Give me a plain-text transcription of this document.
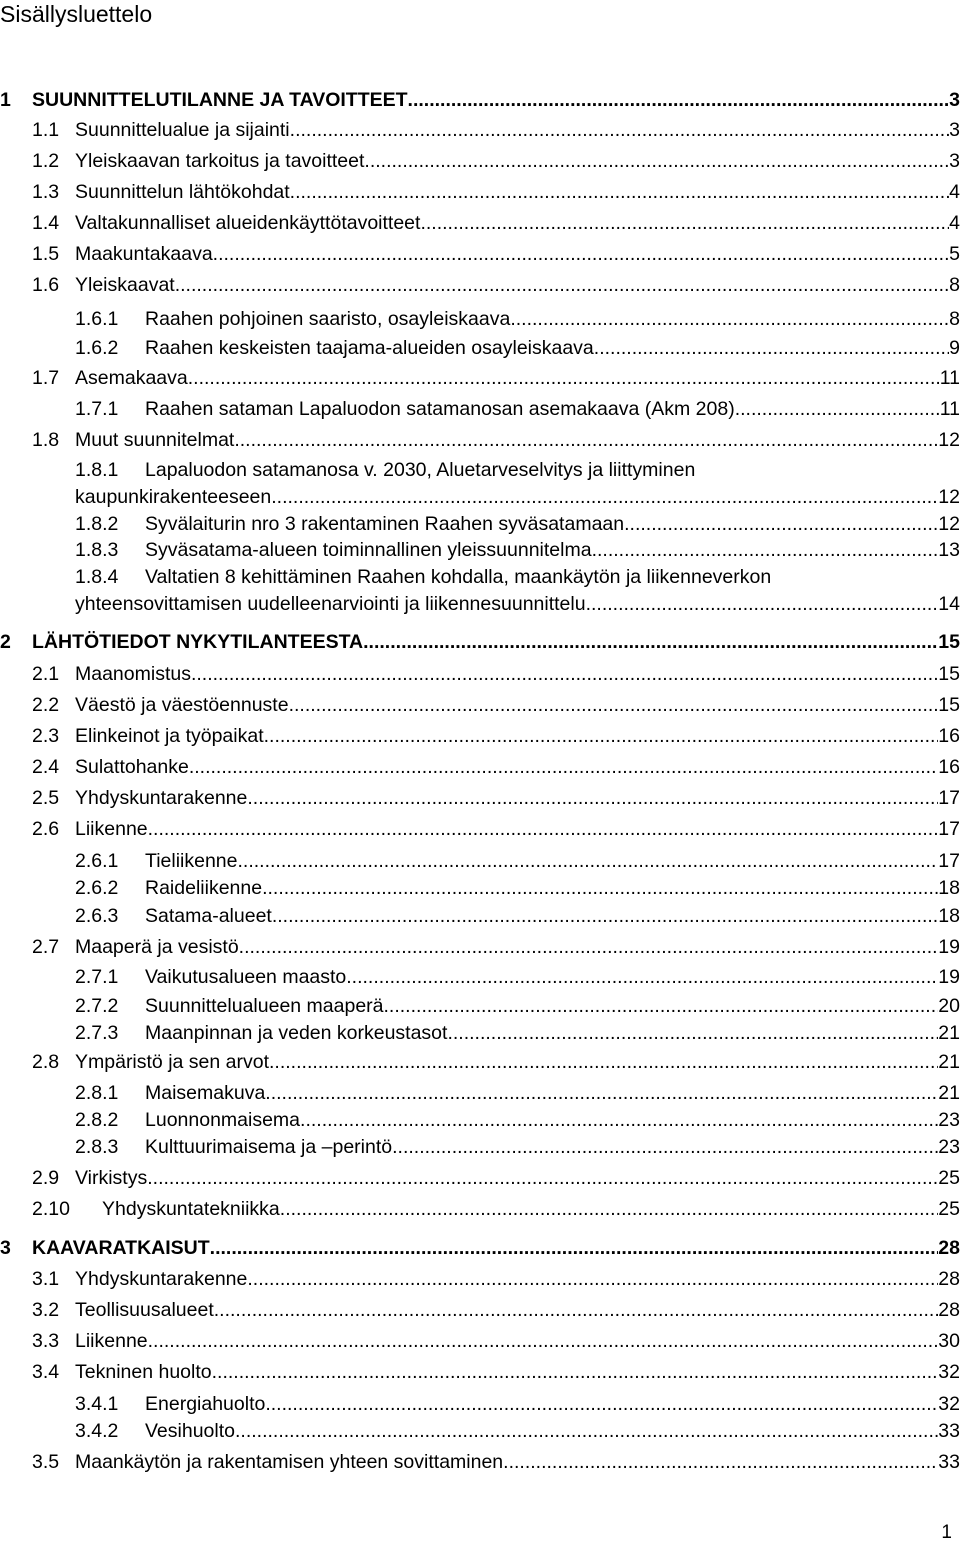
Sisällysluettelo
1 SUUNNITTELUTILANNE JA TAVOITTEET .....	3
1.1 Suunnittelualue ja sijainti .....	3
1.2 Yleiskaavan tarkoitus ja tavoitteet .....	3
1.3 Suunnittelun lähtökohdat .....	4
1.4 Valtakunnalliset alueidenkäyttötavoitteet .....	4
1.5 Maakuntakaava .....	5
1.6 Yleiskaavat .....	8
1.6.1 Raahen pohjoinen saaristo, osayleiskaava .....	8
1.6.2 Raahen keskeisten taajama-alueiden osayleiskaava .....	9
1.7 Asemakaava .....	11
1.7.1 Raahen sataman Lapaluodon satamanosan asemakaava (Akm 208) .....	11
1.8 Muut suunnitelmat .....	12
1.8.1 Lapaluodon satamanosa v. 2030, Aluetarveselvitys ja liittyminen
kaupunkirakenteeseen .....	12
1.8.2 Syvälaiturin nro 3 rakentaminen Raahen syväsatamaan. .....	12
1.8.3 Syväsatama-alueen toiminnallinen yleissuunnitelma .....	13
1.8.4 Valtatien 8 kehittäminen Raahen kohdalla, maankäytön ja liikenneverkon
yhteensovittamisen uudelleenarviointi ja liikennesuunnittelu .....	14
2 LÄHTÖTIEDOT NYKYTILANTEESTA .....	15
2.1 Maanomistus .....	15
2.2 Väestö ja väestöennuste .....	15
2.3 Elinkeinot ja työpaikat .....	16
2.4 Sulattohanke .....	16
2.5 Yhdyskuntarakenne .....	17
2.6 Liikenne .....	17
2.6.1 Tieliikenne .....	17
2.6.2 Raideliikenne .....	18
2.6.3 Satama-alueet .....	18
2.7 Maaperä ja vesistö .....	19
2.7.1 Vaikutusalueen maasto .....	19
2.7.2 Suunnittelualueen maaperä .....	20
2.7.3 Maanpinnan ja veden korkeustasot .....	21
2.8 Ympäristö ja sen arvot .....	21
2.8.1 Maisemakuva .....	21
2.8.2 Luonnonmaisema .....	23
2.8.3 Kulttuurimaisema ja –perintö .....	23
2.9 Virkistys .....	25
2.10 Yhdyskuntatekniikka .....	25
3 KAAVARATKAISUT .....	28
3.1 Yhdyskuntarakenne .....	28
3.2 Teollisuusalueet .....	28
3.3 Liikenne .....	30
3.4 Tekninen huolto .....	32
3.4.1 Energiahuolto .....	32
3.4.2 Vesihuolto .....	33
3.5 Maankäytön ja rakentamisen yhteen sovittaminen .....	33
1
